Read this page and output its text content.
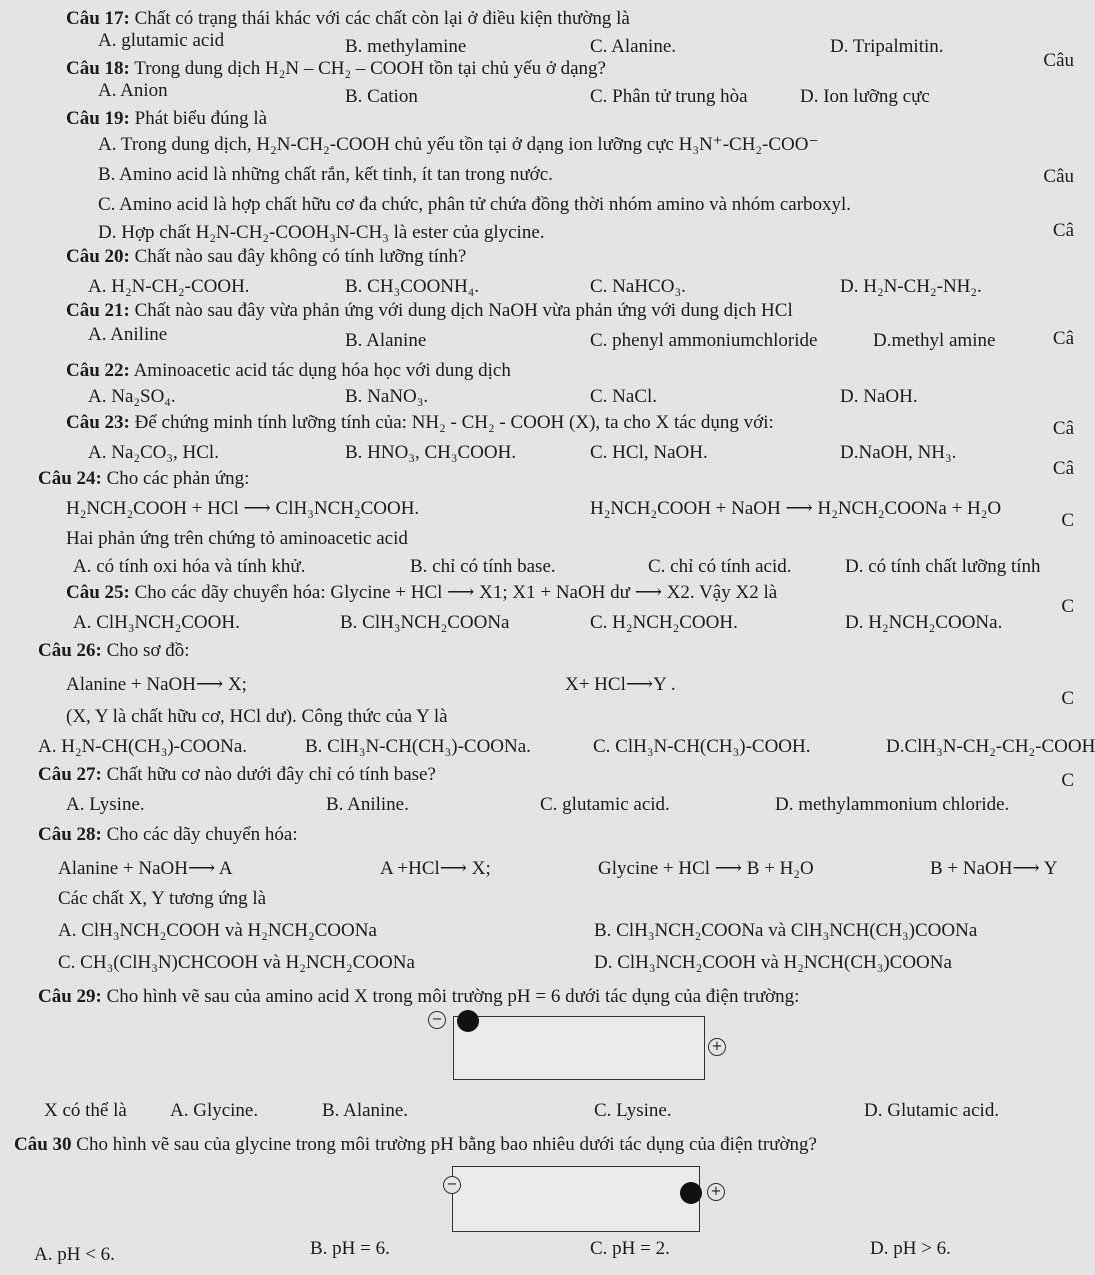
Câu 17: Chất có trạng thái khác với các chất còn lại ở điều kiện thường là
A. glutamic acid	B. methylamine	C. Alanine.	D. Tripalmitin.
Câu
Câu 18: Trong dung dịch H₂N – CH₂ – COOH tồn tại chủ yếu ở dạng?
A. Anion	B. Cation	C. Phân tử trung hòa	D. Ion lưỡng cực
Câu 19: Phát biểu đúng là
A. Trong dung dịch, H₂N-CH₂-COOH chủ yếu tồn tại ở dạng ion lưỡng cực H₃N⁺-CH₂-COO⁻
B. Amino acid là những chất rắn, kết tinh, ít tan trong nước.	Câu
C. Amino acid là hợp chất hữu cơ đa chức, phân tử chứa đồng thời nhóm amino và nhóm carboxyl.
D. Hợp chất H₂N-CH₂-COOH₃N-CH₃ là ester của glycine.	Câ
Câu 20: Chất nào sau đây không có tính lưỡng tính?
A. H₂N-CH₂-COOH.	B. CH₃COONH₄.	C. NaHCO₃.	D. H₂N-CH₂-NH₂.
Câu 21: Chất nào sau đây vừa phản ứng với dung dịch NaOH vừa phản ứng với dung dịch HCl
A. Aniline	B. Alanine	C. phenyl ammoniumchloride	D.methyl amine	Câ
Câu 22: Aminoacetic acid tác dụng hóa học với dung dịch
A. Na₂SO₄.	B. NaNO₃.	C. NaCl.	D. NaOH.
Câu 23: Để chứng minh tính lưỡng tính của: NH₂ - CH₂ - COOH (X), ta cho X tác dụng với:	Câ
A. Na₂CO₃, HCl.	B. HNO₃, CH₃COOH.	C. HCl, NaOH.	D.NaOH, NH₃.
Câu 24: Cho các phản ứng:	Câ
H₂NCH₂COOH + HCl ⟶ ClH₃NCH₂COOH.	H₂NCH₂COOH + NaOH ⟶ H₂NCH₂COONa + H₂O
C
Hai phản ứng trên chứng tỏ aminoacetic acid
A. có tính oxi hóa và tính khử.	B. chỉ có tính base.	C. chỉ có tính acid.	D. có tính chất lưỡng tính
Câu 25: Cho các dãy chuyển hóa: Glycine + HCl ⟶ X1; X1 + NaOH dư ⟶ X2. Vậy X2 là
C
A. ClH₃NCH₂COOH.	B. ClH₃NCH₂COONa	C. H₂NCH₂COOH.	D. H₂NCH₂COONa.
Câu 26: Cho sơ đồ:
Alanine + NaOH⟶ X;	X+ HCl⟶Y .
C
(X, Y là chất hữu cơ, HCl dư). Công thức của Y là
A. H₂N-CH(CH₃)-COONa.	B. ClH₃N-CH(CH₃)-COONa.	C. ClH₃N-CH(CH₃)-COOH.	D.ClH₃N-CH₂-CH₂-COOH
Câu 27: Chất hữu cơ nào dưới đây chỉ có tính base?	C
A. Lysine.	B. Aniline.	C. glutamic acid.	D. methylammonium chloride.
Câu 28: Cho các dãy chuyển hóa:
Alanine + NaOH⟶ A	A +HCl⟶ X;	Glycine + HCl ⟶ B + H₂O	B + NaOH⟶ Y
Các chất X, Y tương ứng là
A. ClH₃NCH₂COOH và H₂NCH₂COONa	B. ClH₃NCH₂COONa và ClH₃NCH(CH₃)COONa
C. CH₃(ClH₃N)CHCOOH và H₂NCH₂COONa	D. ClH₃NCH₂COOH và H₂NCH(CH₃)COONa
Câu 29: Cho hình vẽ sau của amino acid X trong môi trường pH = 6 dưới tác dụng của điện trường:
−
+
X có thể là A. Glycine.	B. Alanine.	C. Lysine.	D. Glutamic acid.
Câu 30 Cho hình vẽ sau của glycine trong môi trường pH bằng bao nhiêu dưới tác dụng của điện trường?
−	+
A. pH < 6.	B. pH = 6.	C. pH = 2.	D. pH > 6.
